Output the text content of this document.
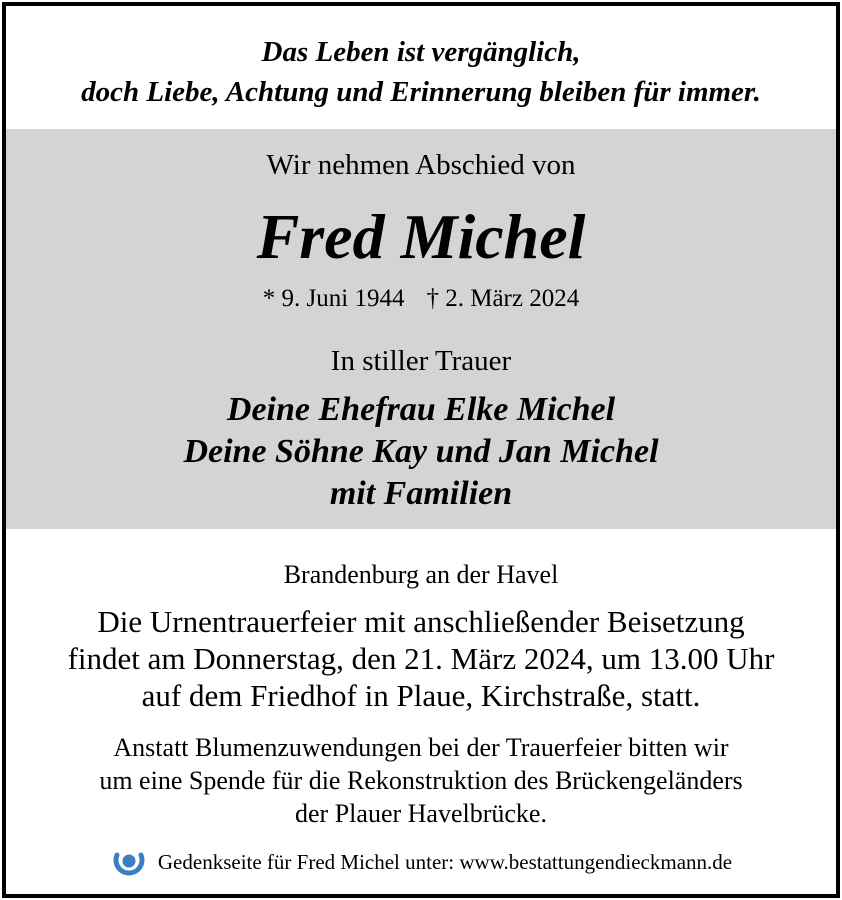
Das Leben ist vergänglich,
doch Liebe, Achtung und Erinnerung bleiben für immer.
Wir nehmen Abschied von
Fred Michel
* 9. Juni 1944 † 2. März 2024
In stiller Trauer
Deine Ehefrau Elke Michel
Deine Söhne Kay und Jan Michel
mit Familien
Brandenburg an der Havel
Die Urnentrauerfeier mit anschließender Beisetzung
findet am Donnerstag, den 21. März 2024, um 13.00 Uhr
auf dem Friedhof in Plaue, Kirchstraße, statt.
Anstatt Blumenzuwendungen bei der Trauerfeier bitten wir
um eine Spende für die Rekonstruktion des Brückengeländers
der Plauer Havelbrücke.
Gedenkseite für Fred Michel unter: www.bestattungendieckmann.de
